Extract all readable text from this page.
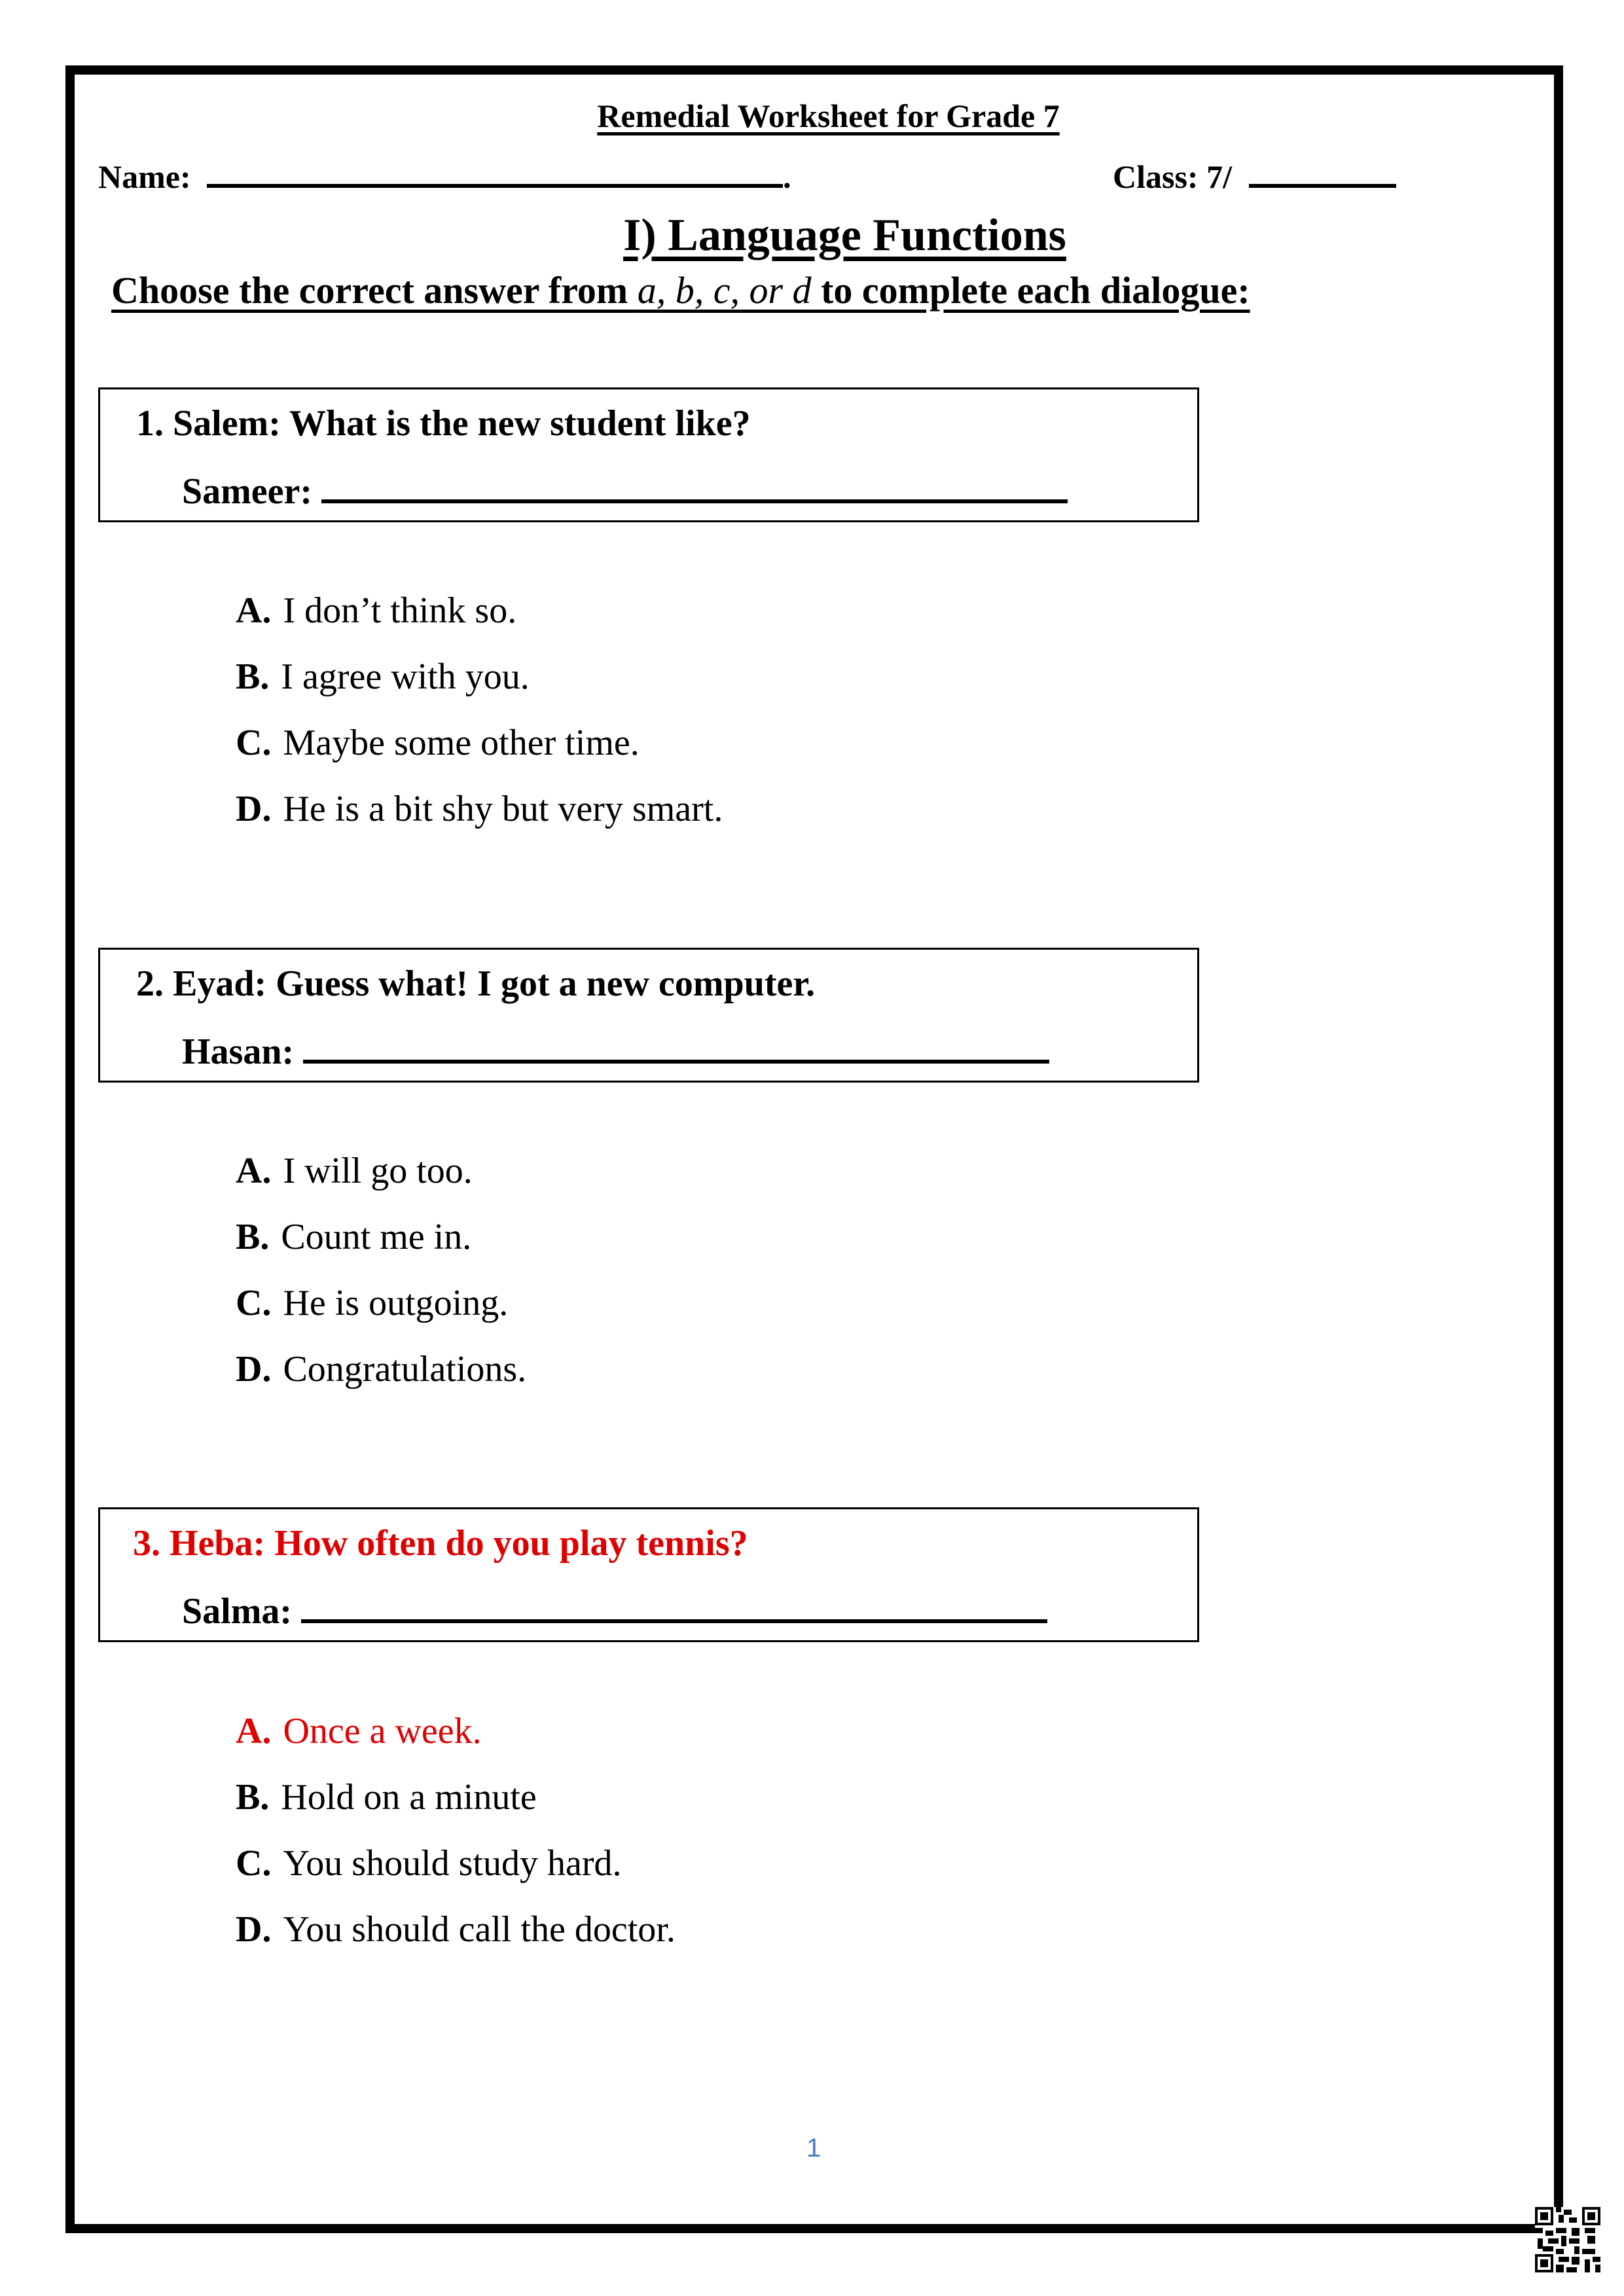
Remedial Worksheet for Grade 7
Name:	.	Class: 7/
I) Language Functions
Choose the correct answer from a, b, c, or d to complete each dialogue:
1. Salem: What is the new student like?
Sameer:
A. I don’t think so.
B. I agree with you.
C. Maybe some other time.
D. He is a bit shy but very smart.
2. Eyad: Guess what! I got a new computer.
Hasan:
A. I will go too.
B. Count me in.
C. He is outgoing.
D. Congratulations.
3. Heba: How often do you play tennis?
Salma:
A. Once a week.
B. Hold on a minute
C. You should study hard.
D. You should call the doctor.
1
